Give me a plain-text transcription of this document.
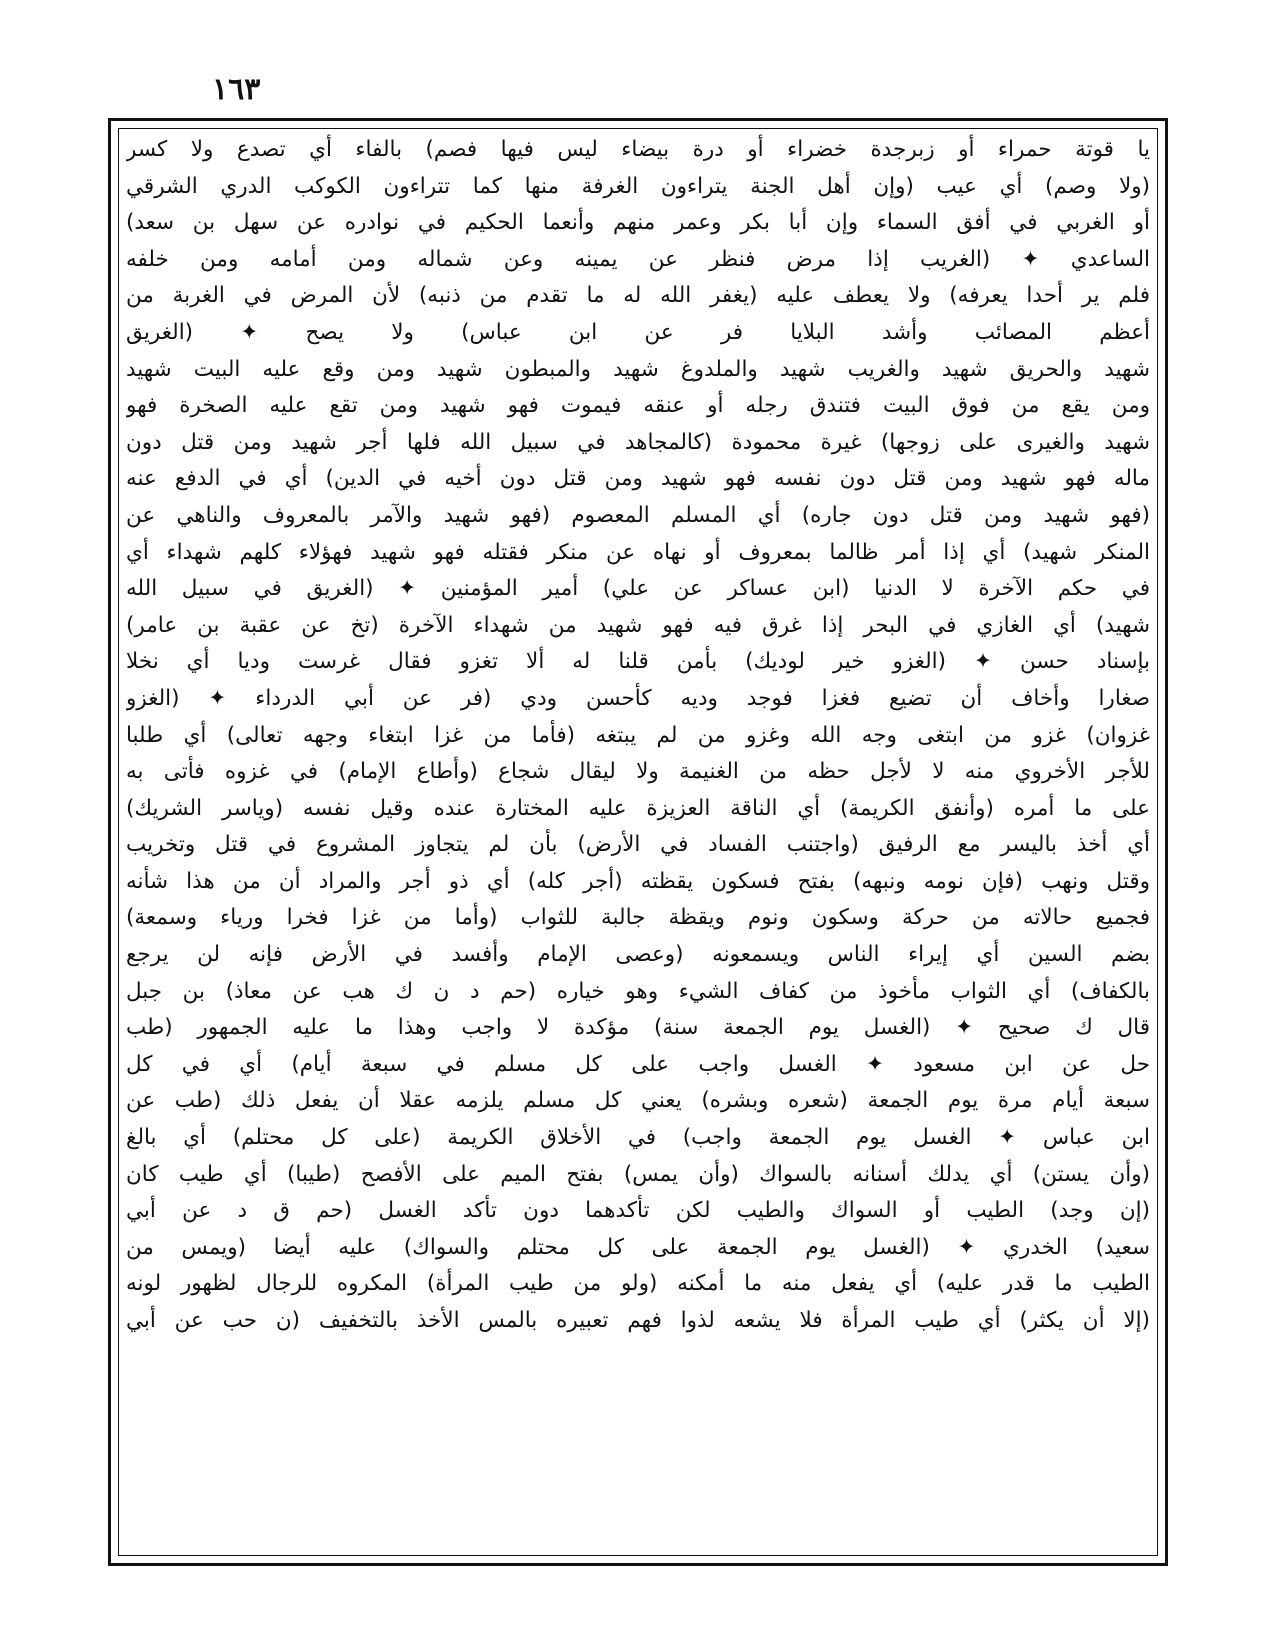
١٦٣
يا قوتة حمراء أو زبرجدة خضراء أو درة بيضاء ليس فيها فصم) بالفاء أي تصدع ولا كسر
(ولا وصم) أي عيب (وإن أهل الجنة يتراءون الغرفة منها كما تتراءون الكوكب الدري الشرقي
أو الغربي في أفق السماء وإن أبا بكر وعمر منهم وأنعما الحكيم في نوادره عن سهل بن سعد)
الساعدي ✦ (الغريب إذا مرض فنظر عن يمينه وعن شماله ومن أمامه ومن خلفه
فلم ير أحدا يعرفه) ولا يعطف عليه (يغفر الله له ما تقدم من ذنبه) لأن المرض في الغربة من
أعظم المصائب وأشد البلايا فر عن ابن عباس) ولا يصح ✦ (الغريق
شهيد والحريق شهيد والغريب شهيد والملدوغ شهيد والمبطون شهيد ومن وقع عليه البيت شهيد
ومن يقع من فوق البيت فتندق رجله أو عنقه فيموت فهو شهيد ومن تقع عليه الصخرة فهو
شهيد والغيرى على زوجها) غيرة محمودة (كالمجاهد في سبيل الله فلها أجر شهيد ومن قتل دون
ماله فهو شهيد ومن قتل دون نفسه فهو شهيد ومن قتل دون أخيه في الدين) أي في الدفع عنه
(فهو شهيد ومن قتل دون جاره) أي المسلم المعصوم (فهو شهيد والآمر بالمعروف والناهي عن
المنكر شهيد) أي إذا أمر ظالما بمعروف أو نهاه عن منكر فقتله فهو شهيد فهؤلاء كلهم شهداء أي
في حكم الآخرة لا الدنيا (ابن عساكر عن علي) أمير المؤمنين ✦ (الغريق في سبيل الله
شهيد) أي الغازي في البحر إذا غرق فيه فهو شهيد من شهداء الآخرة (تخ عن عقبة بن عامر)
بإسناد حسن ✦ (الغزو خير لوديك) بأمن قلنا له ألا تغزو فقال غرست وديا أي نخلا
صغارا وأخاف أن تضيع فغزا فوجد وديه كأحسن ودي (فر عن أبي الدرداء ✦ (الغزو
غزوان) غزو من ابتغى وجه الله وغزو من لم يبتغه (فأما من غزا ابتغاء وجهه تعالى) أي طلبا
للأجر الأخروي منه لا لأجل حظه من الغنيمة ولا ليقال شجاع (وأطاع الإمام) في غزوه فأتى به
على ما أمره (وأنفق الكريمة) أي الناقة العزيزة عليه المختارة عنده وقيل نفسه (وياسر الشريك)
أي أخذ باليسر مع الرفيق (واجتنب الفساد في الأرض) بأن لم يتجاوز المشروع في قتل وتخريب
وقتل ونهب (فإن نومه ونبهه) بفتح فسكون يقظته (أجر كله) أي ذو أجر والمراد أن من هذا شأنه
فجميع حالاته من حركة وسكون ونوم ويقظة جالبة للثواب (وأما من غزا فخرا ورياء وسمعة)
بضم السين أي إيراء الناس ويسمعونه (وعصى الإمام وأفسد في الأرض فإنه لن يرجع
بالكفاف) أي الثواب مأخوذ من كفاف الشيء وهو خياره (حم د ن ك هب عن معاذ) بن جبل
قال ك صحيح ✦ (الغسل يوم الجمعة سنة) مؤكدة لا واجب وهذا ما عليه الجمهور (طب
حل عن ابن مسعود ✦ الغسل واجب على كل مسلم في سبعة أيام) أي في كل
سبعة أيام مرة يوم الجمعة (شعره وبشره) يعني كل مسلم يلزمه عقلا أن يفعل ذلك (طب عن
ابن عباس ✦ الغسل يوم الجمعة واجب) في الأخلاق الكريمة (على كل محتلم) أي بالغ
(وأن يستن) أي يدلك أسنانه بالسواك (وأن يمس) بفتح الميم على الأفصح (طيبا) أي طيب كان
(إن وجد) الطيب أو السواك والطيب لكن تأكدهما دون تأكد الغسل (حم ق د عن أبي
سعيد) الخدري ✦ (الغسل يوم الجمعة على كل محتلم والسواك) عليه أيضا (ويمس من
الطيب ما قدر عليه) أي يفعل منه ما أمكنه (ولو من طيب المرأة) المكروه للرجال لظهور لونه
(إلا أن يكثر) أي طيب المرأة فلا يشعه لذوا فهم تعبيره بالمس الأخذ بالتخفيف (ن حب عن أبي
